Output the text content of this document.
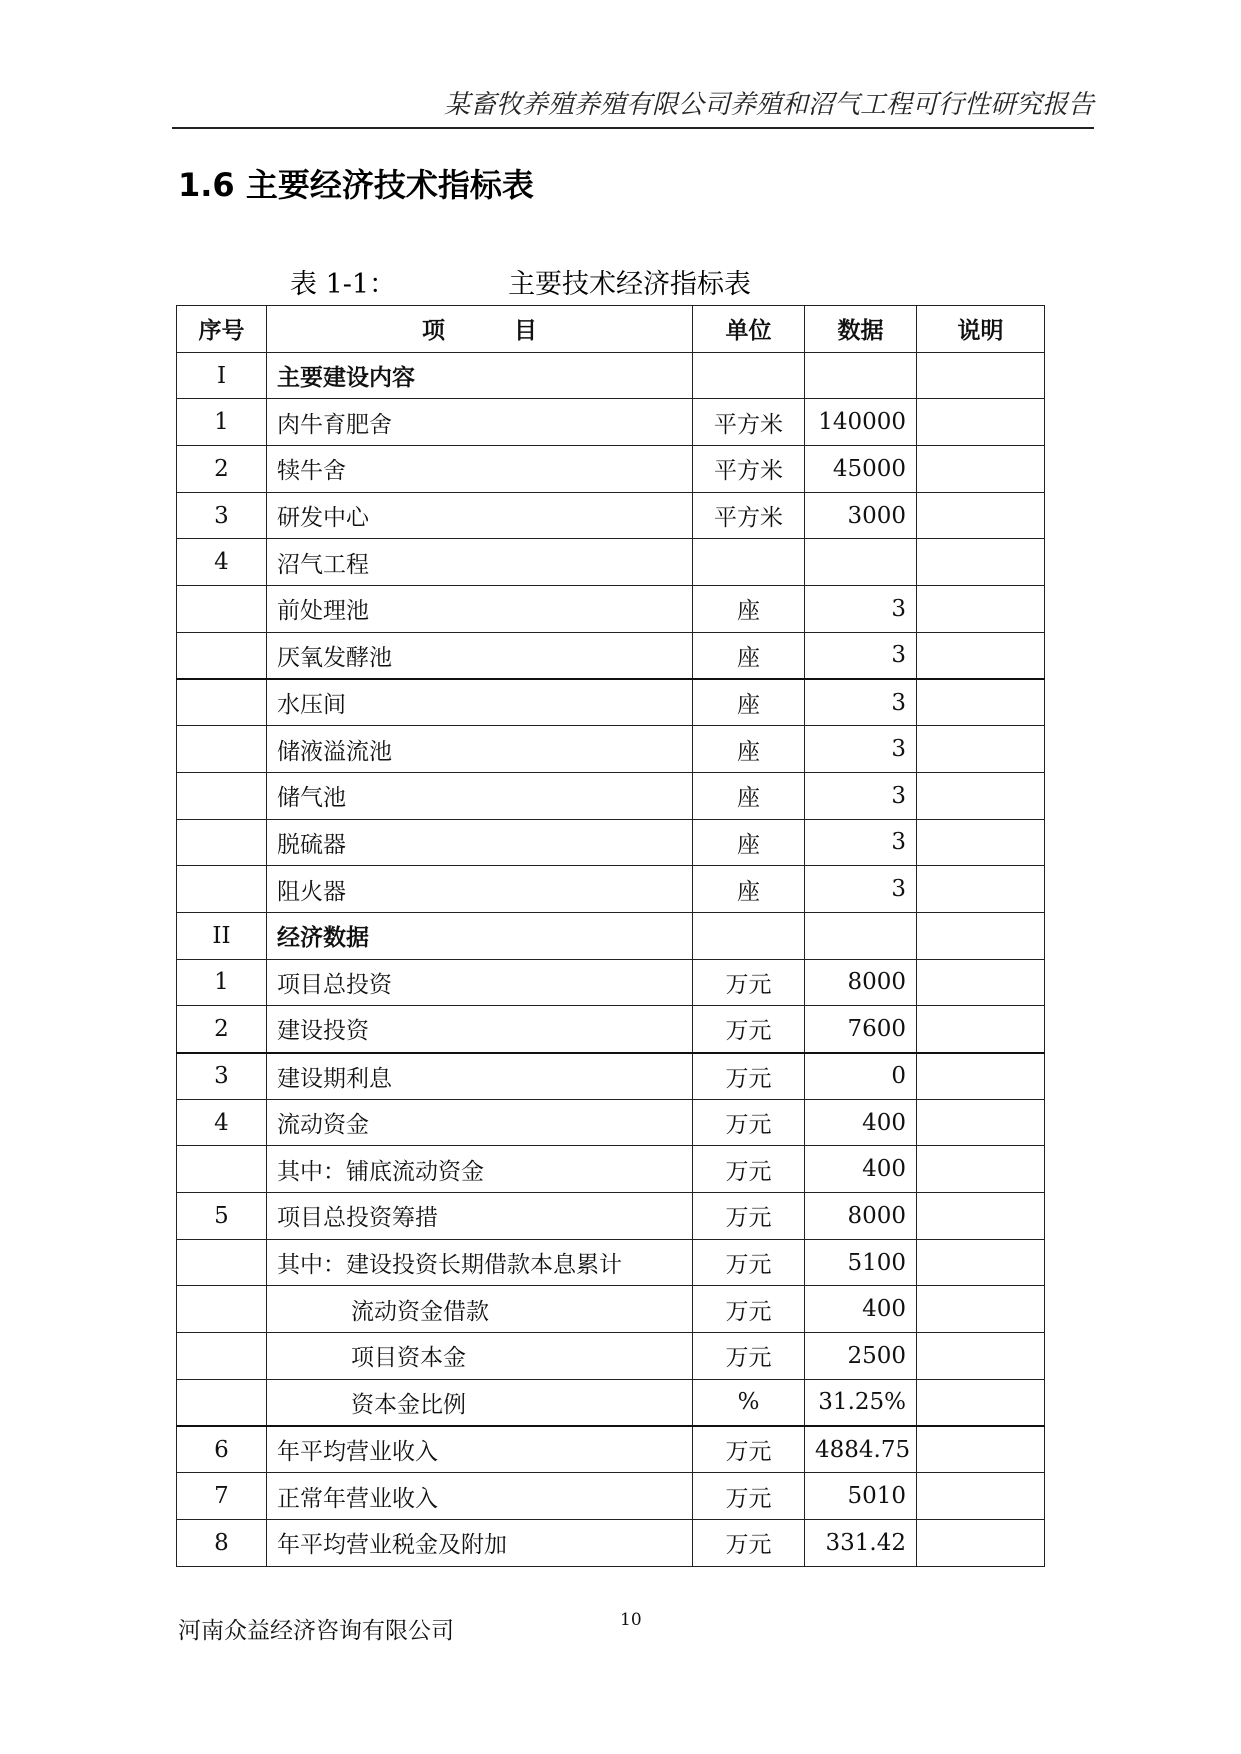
某畜牧养殖养殖有限公司养殖和沼气工程可行性研究报告
1.6 主要经济技术指标表
表 1-1：	主要技术经济指标表
序号	项　　　目	单位	数据	说明
I	主要建设内容			
1	肉牛育肥舍	平方米	140000	
2	犊牛舍	平方米	45000	
3	研发中心	平方米	3000	
4	沼气工程			
	前处理池	座	3	
	厌氧发酵池	座	3	
	水压间	座	3	
	储液溢流池	座	3	
	储气池	座	3	
	脱硫器	座	3	
	阻火器	座	3	
II	经济数据			
1	项目总投资	万元	8000	
2	建设投资	万元	7600	
3	建设期利息	万元	0	
4	流动资金	万元	400	
	其中：铺底流动资金	万元	400	
5	项目总投资筹措	万元	8000	
	其中：建设投资长期借款本息累计	万元	5100	
	流动资金借款	万元	400	
	项目资本金	万元	2500	
	资本金比例	%	31.25%	
6	年平均营业收入	万元	4884.75	
7	正常年营业收入	万元	5010	
8	年平均营业税金及附加	万元	331.42	
河南众益经济咨询有限公司	10
